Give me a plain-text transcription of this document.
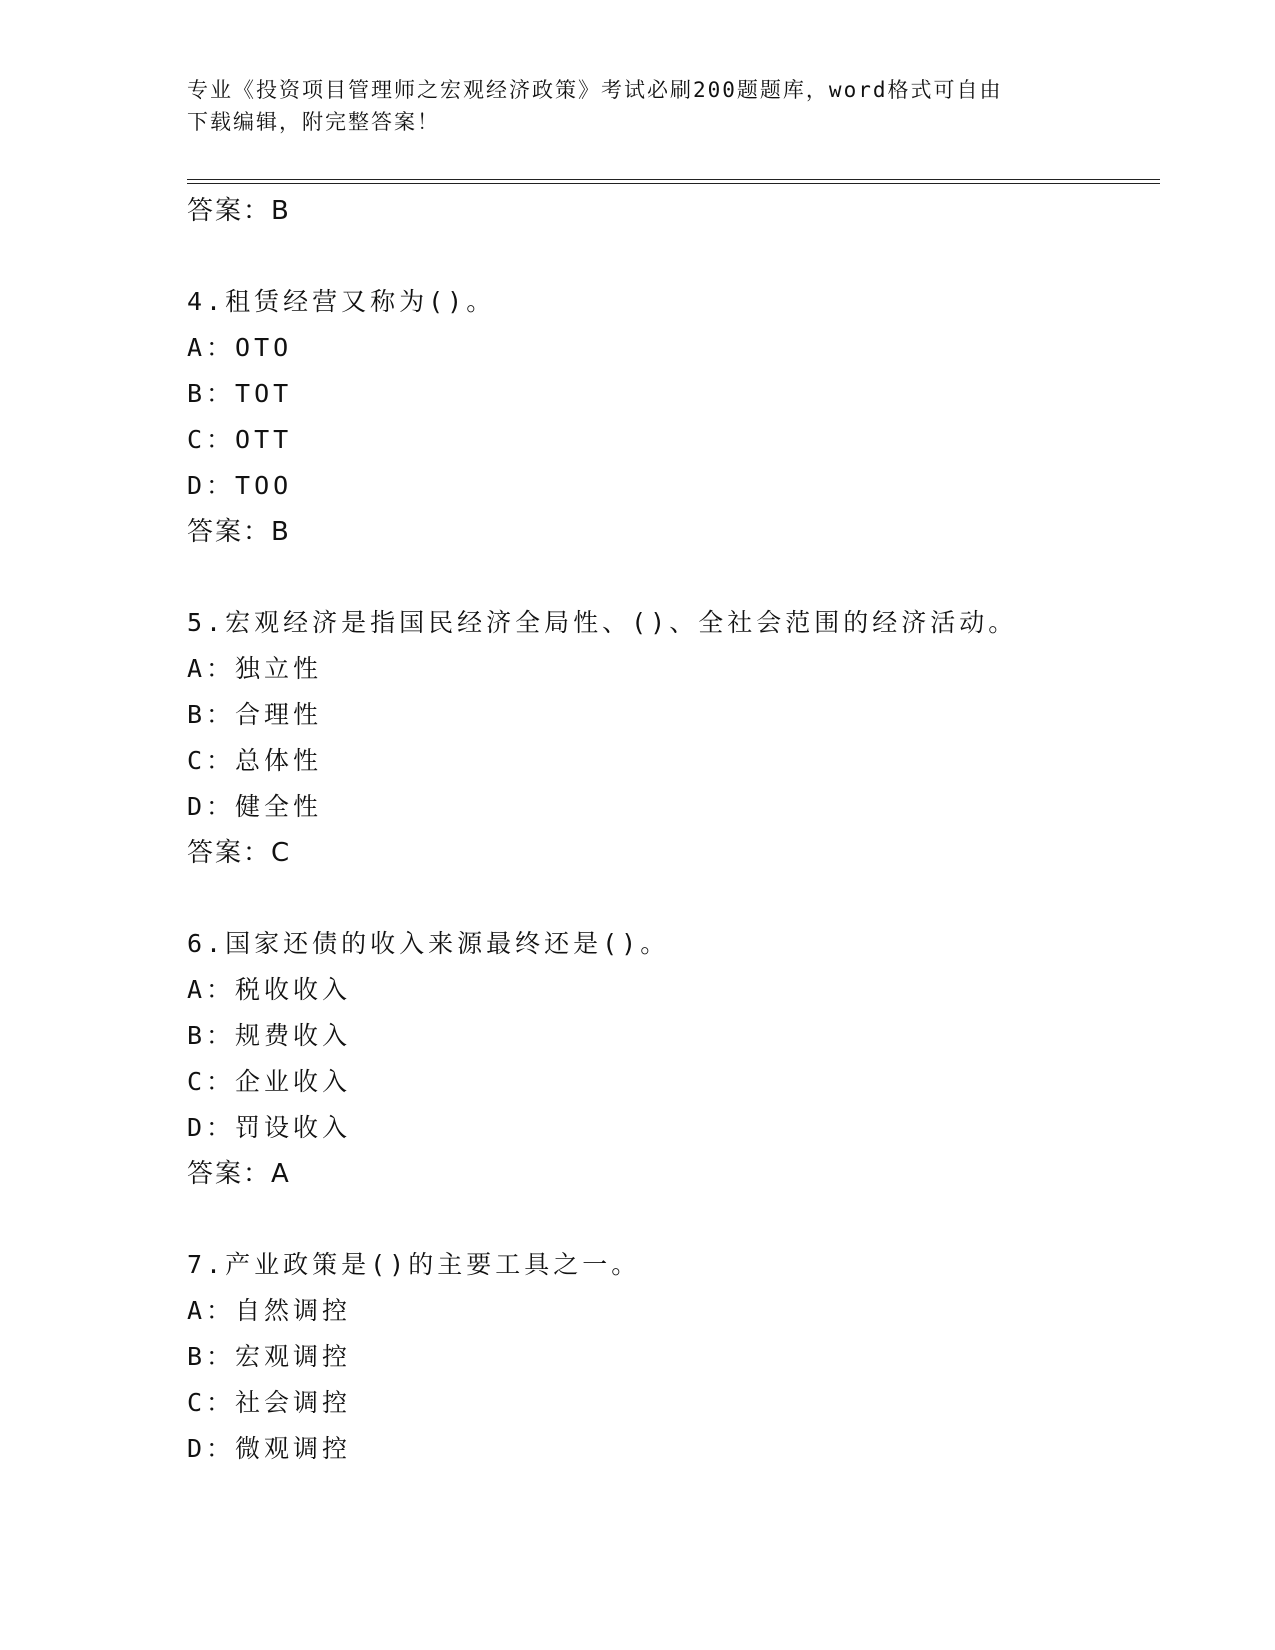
专业《投资项目管理师之宏观经济政策》考试必刷200题题库，word格式可自由
下载编辑，附完整答案！
答案：B
4.租赁经营又称为()。
A：OTO
B：TOT
C：OTT
D：TOO
答案：B
5.宏观经济是指国民经济全局性、()、全社会范围的经济活动。
A：独立性
B：合理性
C：总体性
D：健全性
答案：C
6.国家还债的收入来源最终还是()。
A：税收收入
B：规费收入
C：企业收入
D：罚设收入
答案：A
7.产业政策是()的主要工具之一。
A：自然调控
B：宏观调控
C：社会调控
D：微观调控
